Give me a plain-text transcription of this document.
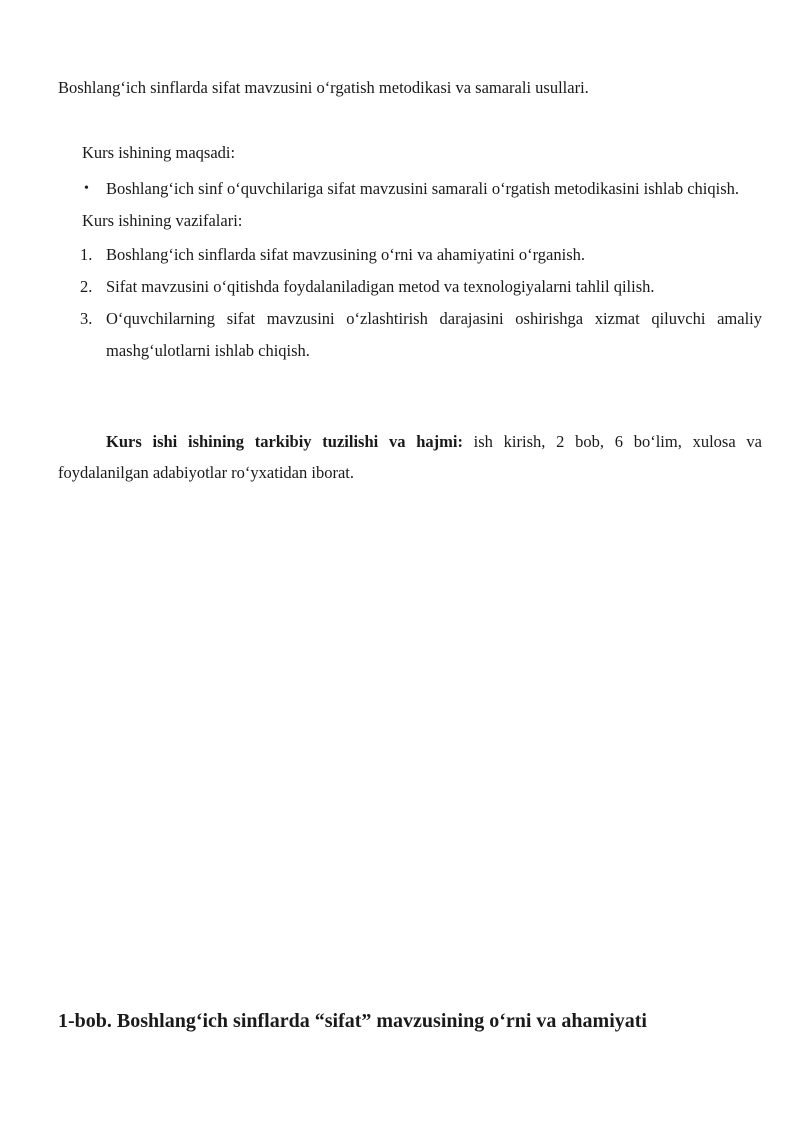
Boshlang‘ich sinflarda sifat mavzusini o‘rgatish metodikasi va samarali usullari.
Kurs ishining maqsadi:
• Boshlang‘ich sinf o‘quvchilariga sifat mavzusini samarali o‘rgatish metodikasini ishlab chiqish.
Kurs ishining vazifalari:
1. Boshlang‘ich sinflarda sifat mavzusining o‘rni va ahamiyatini o‘rganish.
2. Sifat mavzusini o‘qitishda foydalaniladigan metod va texnologiyalarni tahlil qilish.
3. O‘quvchilarning sifat mavzusini o‘zlashtirish darajasini oshirishga xizmat qiluvchi amaliy mashg‘ulotlarni ishlab chiqish.
Kurs ishi ishining tarkibiy tuzilishi va hajmi: ish kirish, 2 bob, 6 bo‘lim, xulosa va foydalanilgan adabiyotlar ro‘yxatidan iborat.
1-bob. Boshlang‘ich sinflarda “sifat” mavzusining o‘rni va ahamiyati
